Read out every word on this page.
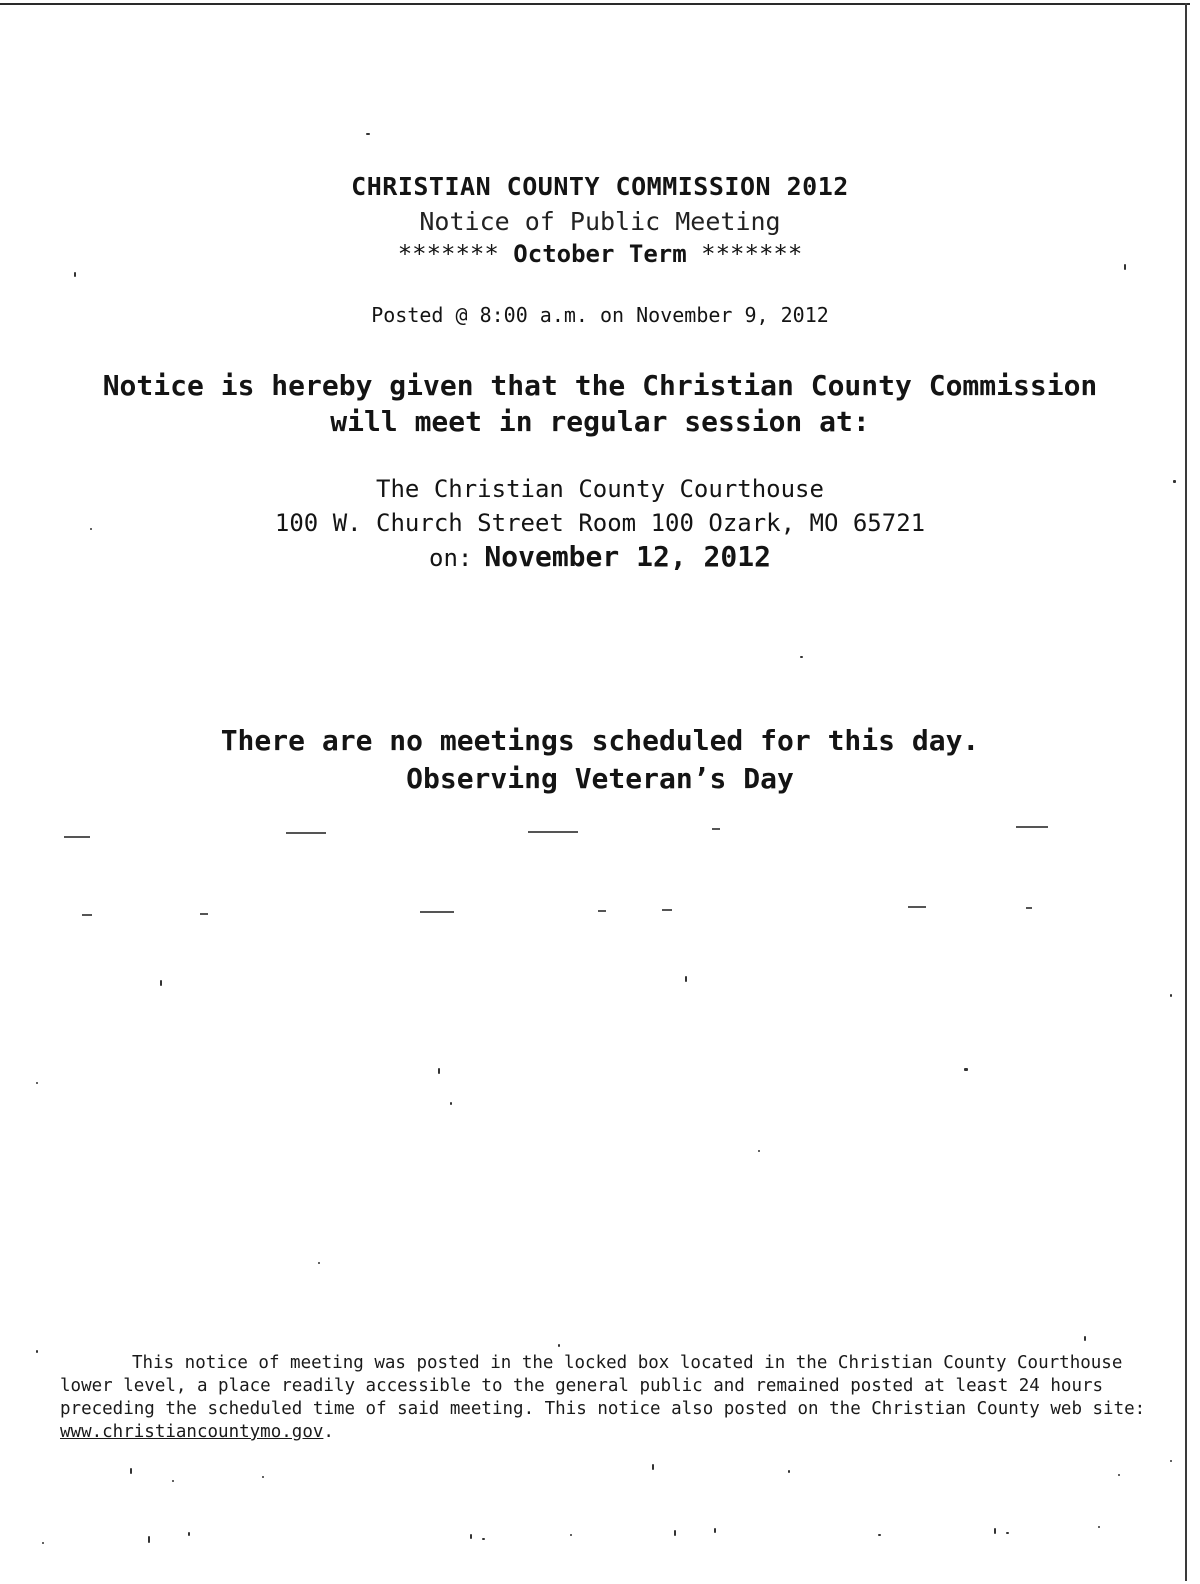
CHRISTIAN COUNTY COMMISSION 2012
Notice of Public Meeting
******* October Term *******
Posted @ 8:00 a.m. on November 9, 2012
Notice is hereby given that the Christian County Commission
will meet in regular session at:
The Christian County Courthouse
100 W. Church Street Room 100 Ozark, MO 65721
on: November 12, 2012
There are no meetings scheduled for this day.
Observing Veteran’s Day
This notice of meeting was posted in the locked box located in the Christian County Courthouse lower level, a place readily accessible to the general public and remained posted at least 24 hours preceding the scheduled time of said meeting. This notice also posted on the Christian County web site: www.christiancountymo.gov.
